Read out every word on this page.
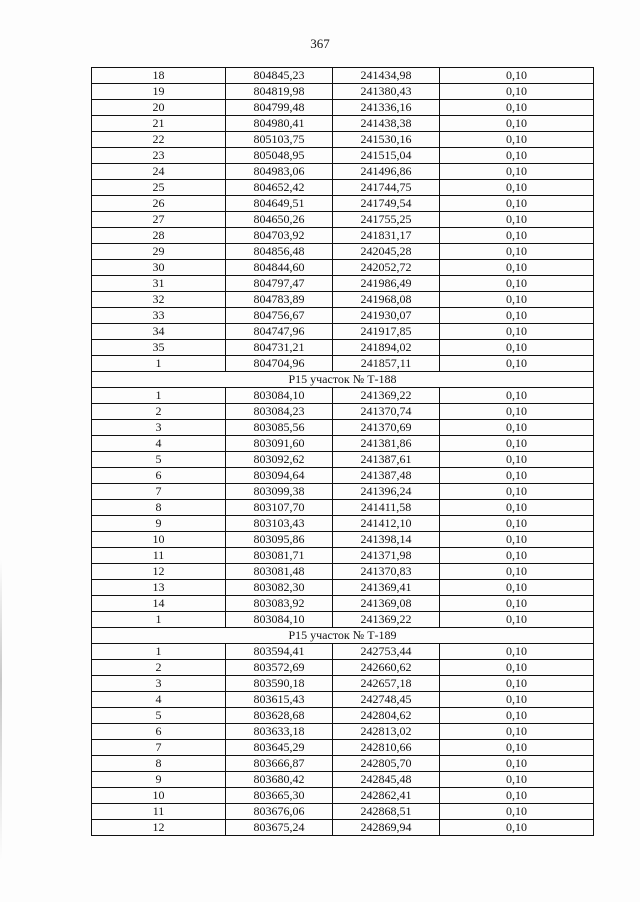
367
18	804845,23	241434,98	0,10
19	804819,98	241380,43	0,10
20	804799,48	241336,16	0,10
21	804980,41	241438,38	0,10
22	805103,75	241530,16	0,10
23	805048,95	241515,04	0,10
24	804983,06	241496,86	0,10
25	804652,42	241744,75	0,10
26	804649,51	241749,54	0,10
27	804650,26	241755,25	0,10
28	804703,92	241831,17	0,10
29	804856,48	242045,28	0,10
30	804844,60	242052,72	0,10
31	804797,47	241986,49	0,10
32	804783,89	241968,08	0,10
33	804756,67	241930,07	0,10
34	804747,96	241917,85	0,10
35	804731,21	241894,02	0,10
1	804704,96	241857,11	0,10
Р15 участок № Т-188			
1	803084,10	241369,22	0,10
2	803084,23	241370,74	0,10
3	803085,56	241370,69	0,10
4	803091,60	241381,86	0,10
5	803092,62	241387,61	0,10
6	803094,64	241387,48	0,10
7	803099,38	241396,24	0,10
8	803107,70	241411,58	0,10
9	803103,43	241412,10	0,10
10	803095,86	241398,14	0,10
11	803081,71	241371,98	0,10
12	803081,48	241370,83	0,10
13	803082,30	241369,41	0,10
14	803083,92	241369,08	0,10
1	803084,10	241369,22	0,10
Р15 участок № Т-189			
1	803594,41	242753,44	0,10
2	803572,69	242660,62	0,10
3	803590,18	242657,18	0,10
4	803615,43	242748,45	0,10
5	803628,68	242804,62	0,10
6	803633,18	242813,02	0,10
7	803645,29	242810,66	0,10
8	803666,87	242805,70	0,10
9	803680,42	242845,48	0,10
10	803665,30	242862,41	0,10
11	803676,06	242868,51	0,10
12	803675,24	242869,94	0,10
